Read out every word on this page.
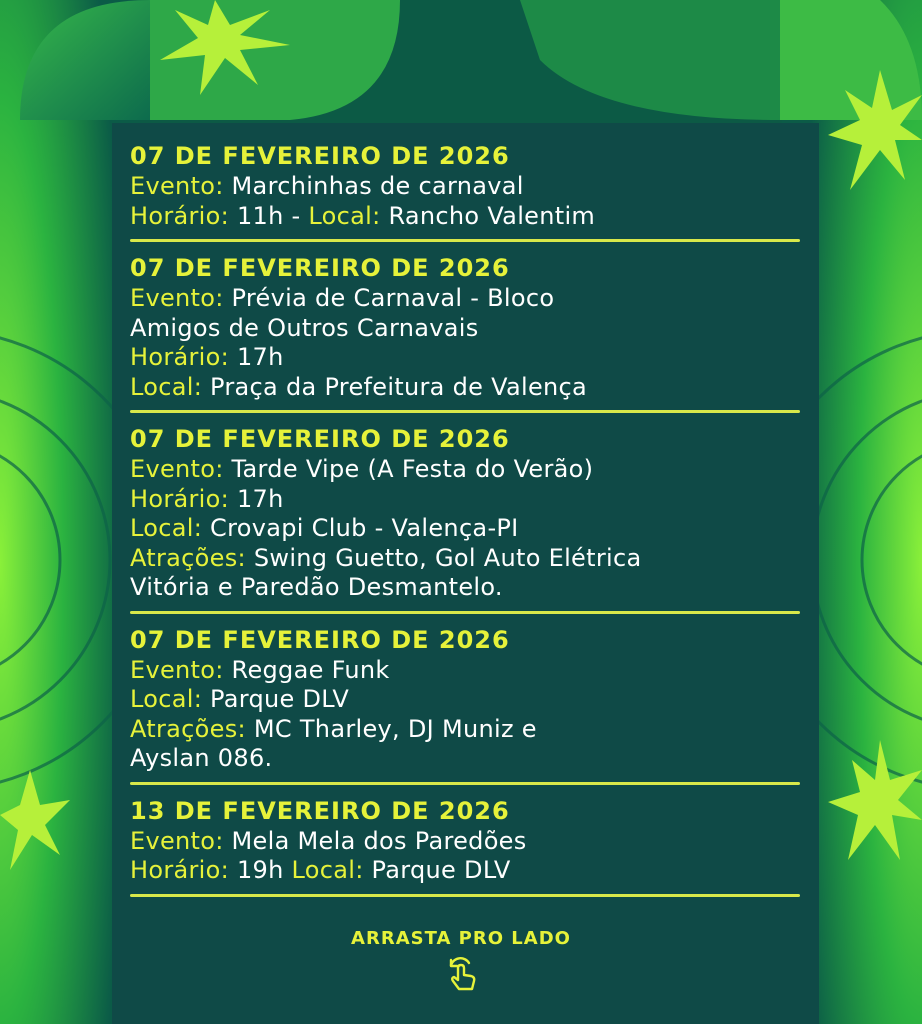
07 DE FEVEREIRO DE 2026
Evento: Marchinhas de carnaval
Horário: 11h - Local: Rancho Valentim
07 DE FEVEREIRO DE 2026
Evento: Prévia de Carnaval - Bloco
Amigos de Outros Carnavais
Horário: 17h
Local: Praça da Prefeitura de Valença
07 DE FEVEREIRO DE 2026
Evento: Tarde Vipe (A Festa do Verão)
Horário: 17h
Local: Crovapi Club - Valença-PI
Atrações: Swing Guetto, Gol Auto Elétrica
Vitória e Paredão Desmantelo.
07 DE FEVEREIRO DE 2026
Evento: Reggae Funk
Local: Parque DLV
Atrações: MC Tharley, DJ Muniz e
Ayslan 086.
13 DE FEVEREIRO DE 2026
Evento: Mela Mela dos Paredões
Horário: 19h Local: Parque DLV
ARRASTA PRO LADO
